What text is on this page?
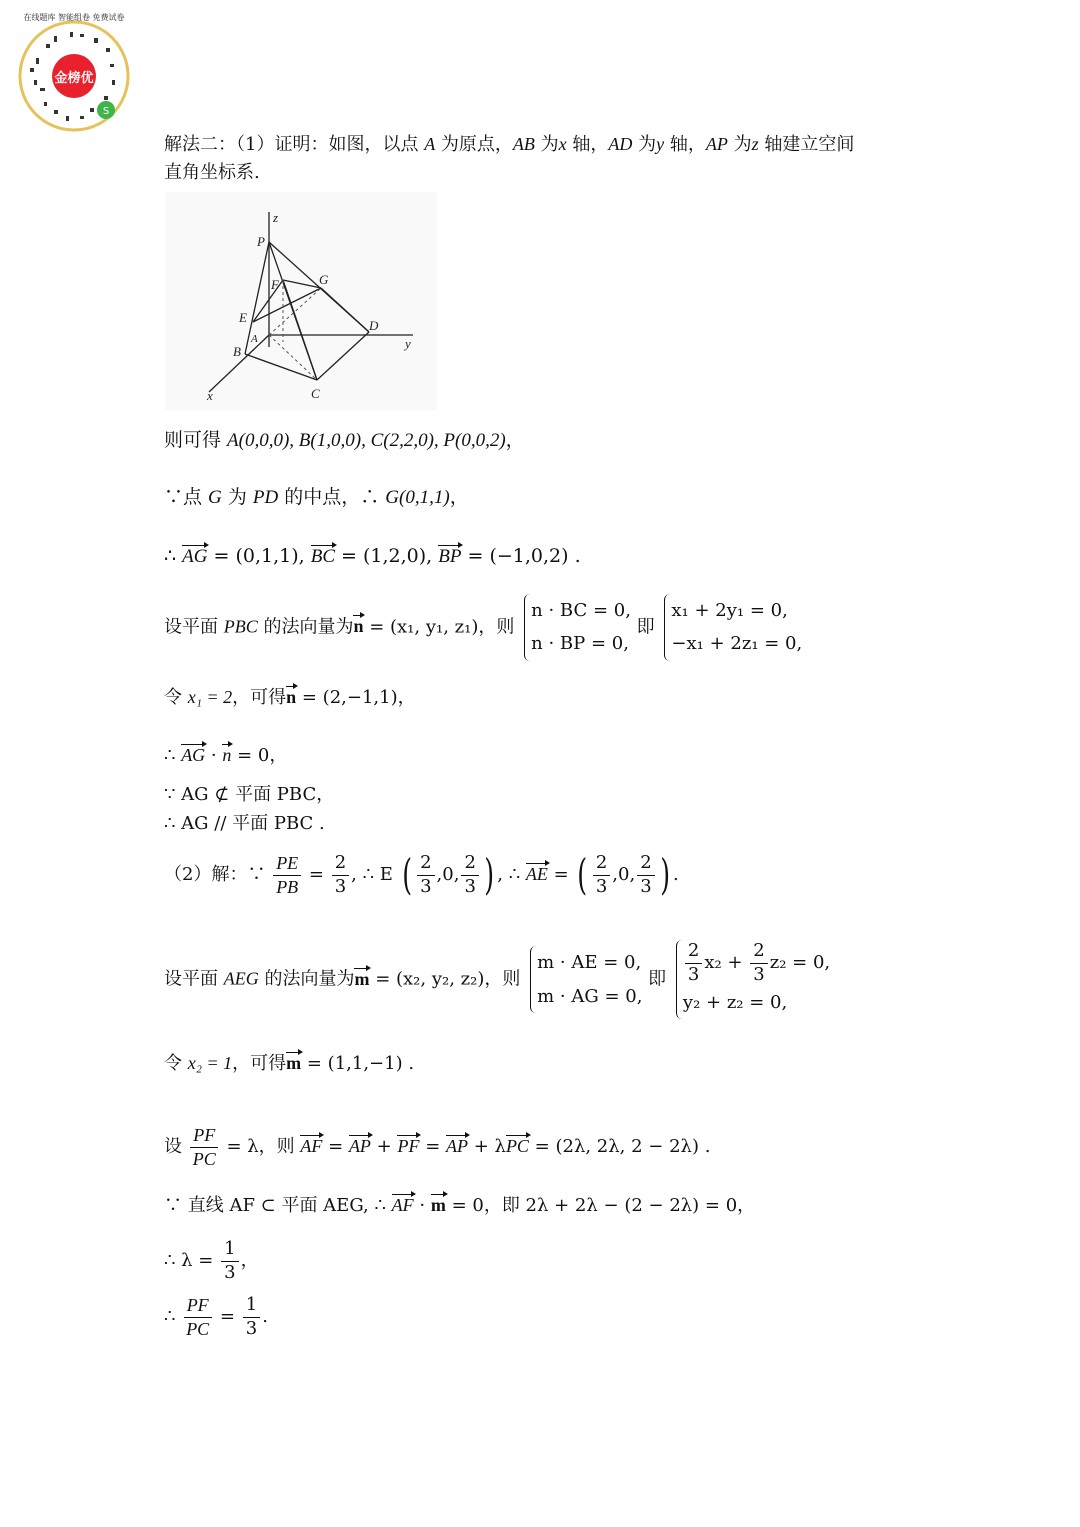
金榜优
S
在线题库 智能组卷 免费试卷
解法二：（1）证明：如图，以点 A 为原点，AB 为x 轴，AD 为y 轴，AP 为z 轴建立空间
直角坐标系.
z
P
G
F
E
D
y
A
B
C
x
则可得 A(0,0,0), B(1,0,0), C(2,2,0), P(0,0,2)，
∵点 G 为 PD 的中点，∴ G(0,1,1)，
∴ AG = (0,1,1), BC = (1,2,0), BP = (−1,0,2) .
设平面 PBC 的法向量为n = (x₁, y₁, z₁)，则
n · BC = 0,
n · BP = 0,
即
x₁ + 2y₁ = 0,
−x₁ + 2z₁ = 0,
令 x₁ = 2，可得n = (2,−1,1)，
∴ AG · n = 0，
∵ AG ⊄ 平面 PBC，
∴ AG // 平面 PBC .
（2）解：∵ $\frac{PE}{PB} = \frac{2}{3}$ , ∴ E ( $\frac{2}{3}$ , 0, $\frac{2}{3}$ ) , ∴ AE = ( $\frac{2}{3}$ , 0, $\frac{2}{3}$ ) .
设平面 AEG 的法向量为m = (x₂, y₂, z₂)，则
m · AE = 0,
m · AG = 0,
即 $\frac{2}{3} x_2 + \frac{2}{3} z_2 = 0$,
y₂ + z₂ = 0,
令 x₂ = 1，可得m = (1,1,−1) .
设 $\frac{PF}{PC} = \lambda$，则 AF = AP + PF = AP + λPC = (2λ, 2λ, 2 − 2λ) .
∵ 直线 AF ⊂ 平面 AEG, ∴ AF · m = 0，即 2λ + 2λ − (2 − 2λ) = 0，
∴ $\lambda = \frac{1}{3}$ ，
∴ $\frac{PF}{PC} = \frac{1}{3}$ .
